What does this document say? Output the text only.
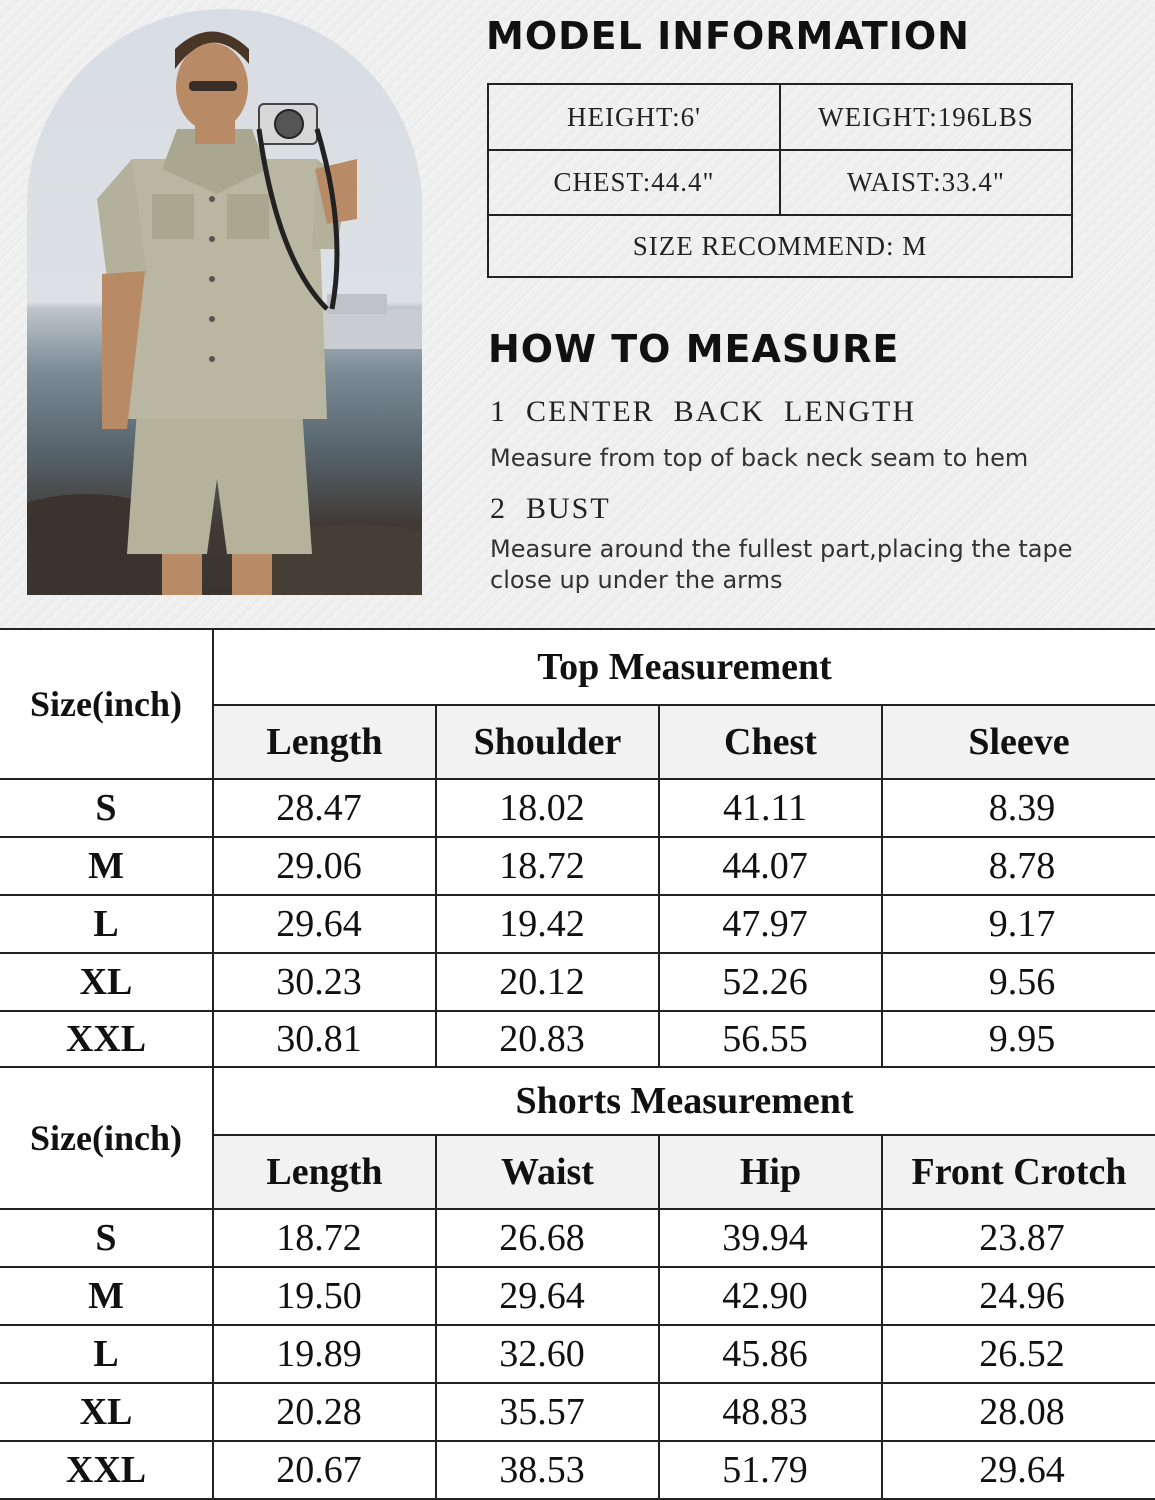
MODEL INFORMATION
HEIGHT:6'	WEIGHT:196LBS
CHEST:44.4"	WAIST:33.4"
SIZE RECOMMEND: M
HOW TO MEASURE

1  CENTER  BACK  LENGTH

Measure from top of back neck seam to hem

2  BUST

Measure around the fullest part,placing the tape

close up under the arms

Size(inch)
Top Measurement
Length	Shoulder	Chest	Sleeve
S	28.47	18.02	41.11	8.39
M	29.06	18.72	44.07	8.78
L	29.64	19.42	47.97	9.17
XL	30.23	20.12	52.26	9.56
XXL	30.81	20.83	56.55	9.95
Size(inch)
Shorts Measurement
Length	Waist	Hip	Front Crotch
S	18.72	26.68	39.94	23.87
M	19.50	29.64	42.90	24.96
L	19.89	32.60	45.86	26.52
XL	20.28	35.57	48.83	28.08
XXL	20.67	38.53	51.79	29.64
